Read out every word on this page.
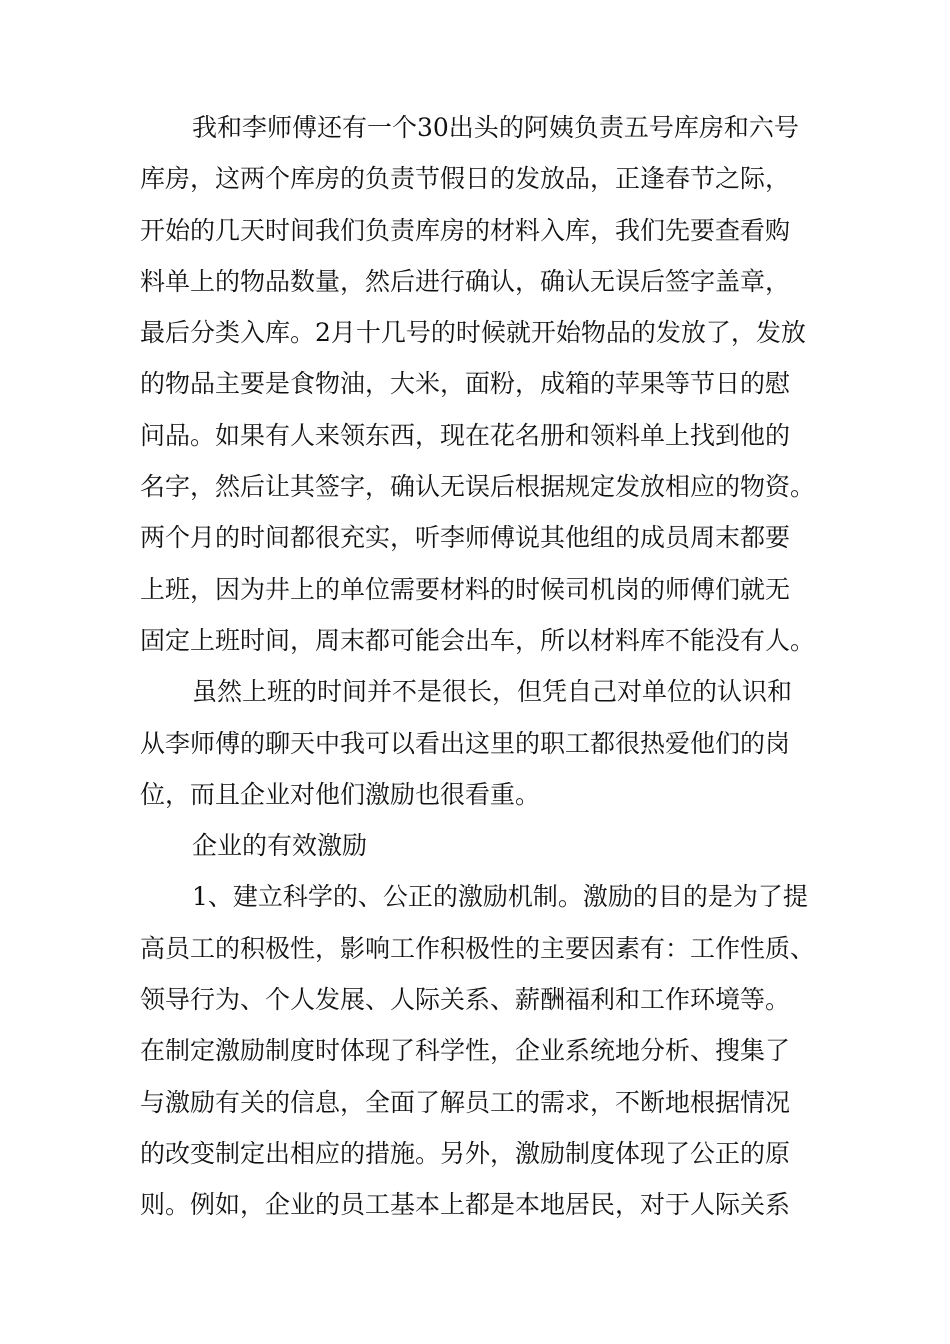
我和李师傅还有一个30出头的阿姨负责五号库房和六号
库房，这两个库房的负责节假日的发放品，正逢春节之际，
开始的几天时间我们负责库房的材料入库，我们先要查看购
料单上的物品数量，然后进行确认，确认无误后签字盖章，
最后分类入库。2月十几号的时候就开始物品的发放了，发放
的物品主要是食物油，大米，面粉，成箱的苹果等节日的慰
问品。如果有人来领东西，现在花名册和领料单上找到他的
名字，然后让其签字，确认无误后根据规定发放相应的物资。
两个月的时间都很充实，听李师傅说其他组的成员周末都要
上班，因为井上的单位需要材料的时候司机岗的师傅们就无
固定上班时间，周末都可能会出车，所以材料库不能没有人。
虽然上班的时间并不是很长，但凭自己对单位的认识和
从李师傅的聊天中我可以看出这里的职工都很热爱他们的岗
位，而且企业对他们激励也很看重。
企业的有效激励
1、建立科学的、公正的激励机制。激励的目的是为了提
高员工的积极性，影响工作积极性的主要因素有：工作性质、
领导行为、个人发展、人际关系、薪酬福利和工作环境等。
在制定激励制度时体现了科学性，企业系统地分析、搜集了
与激励有关的信息，全面了解员工的需求，不断地根据情况
的改变制定出相应的措施。另外，激励制度体现了公正的原
则。例如，企业的员工基本上都是本地居民，对于人际关系
